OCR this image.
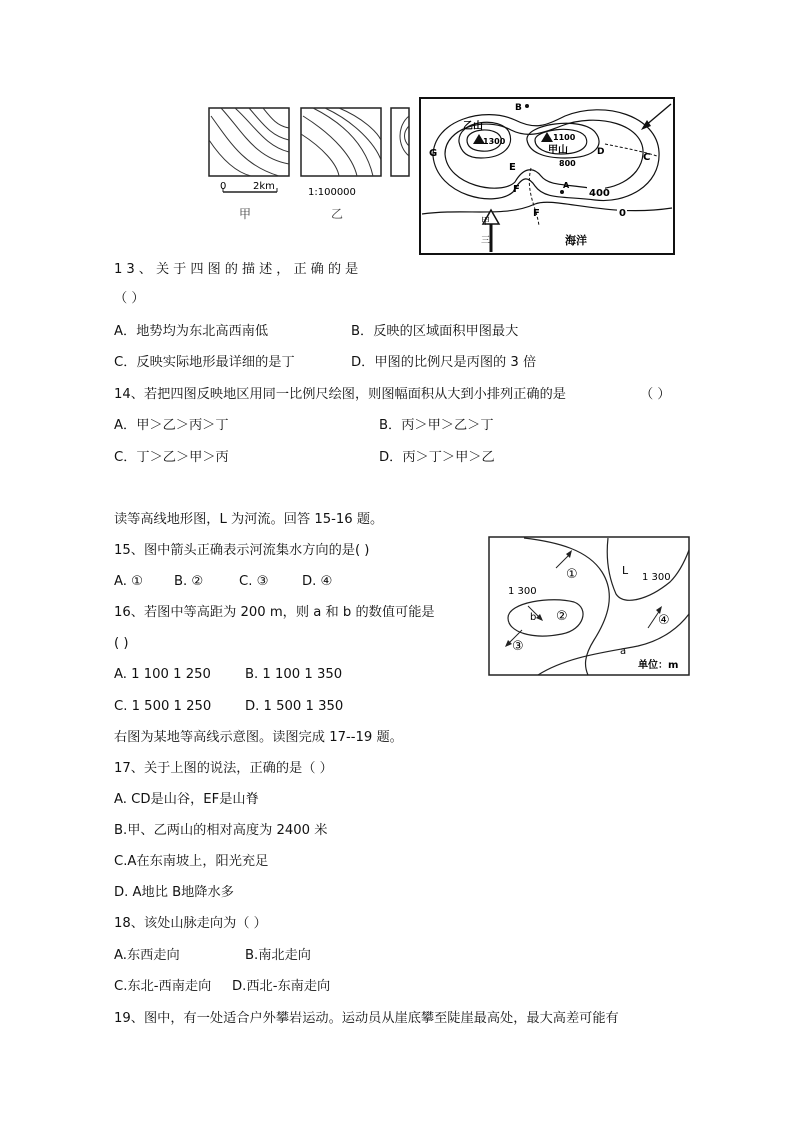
0	2km
甲
1:100000
乙
B
乙山
1300	1100
甲山
800
G
E
D	C
A
400
F
F	0
海洋
甲
三
13、关于四图的描述，正确的是
（ ）
A．地势均为东北高西南低	B．反映的区域面积甲图最大
C．反映实际地形最详细的是丁	D．甲图的比例尺是丙图的 3 倍
14、若把四图反映地区用同一比例尺绘图，则图幅面积从大到小排列正确的是	（ ）
A．甲＞乙＞丙＞丁	B．丙＞甲＞乙＞丁
C．丁＞乙＞甲＞丙	D．丙＞丁＞甲＞乙
读等高线地形图，L 为河流。回答 15-16 题。
①	L
1 300
1 300
b ②
③
④
a
单位：m
15、图中箭头正确表示河流集水方向的是( )
A. ① B. ②	C. ③	D. ④
16、若图中等高距为 200 m，则 a 和 b 的数值可能是
( )
A. 1 100 1 250	B. 1 100 1 350
C. 1 500 1 250	D. 1 500 1 350
右图为某地等高线示意图。读图完成 17--19 题。
17、关于上图的说法，正确的是（ ）
A. CD是山谷，EF是山脊
B.甲、乙两山的相对高度为 2400 米
C.A在东南坡上，阳光充足
D. A地比 B地降水多
18、该处山脉走向为（ ）
A.东西走向	B.南北走向
C.东北-西南走向 D.西北-东南走向
19、图中，有一处适合户外攀岩运动。运动员从崖底攀至陡崖最高处，最大高差可能有
